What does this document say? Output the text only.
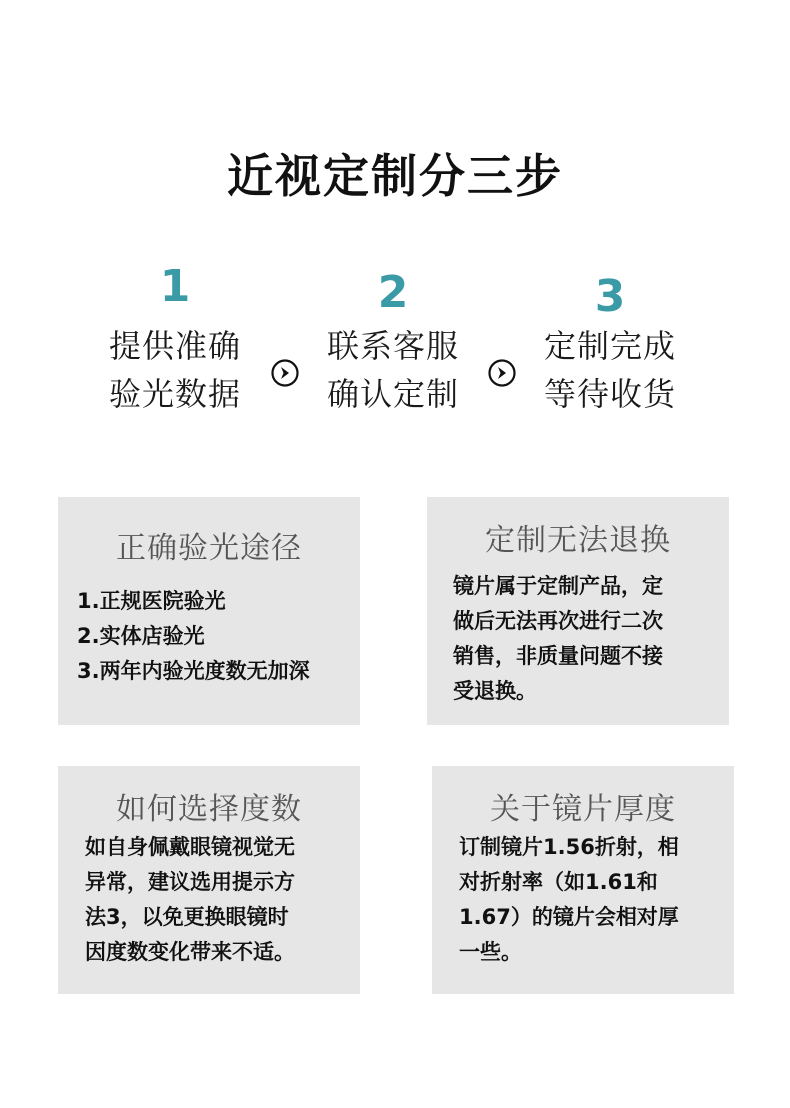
近视定制分三步
1
提供准确
验光数据
2
联系客服
确认定制
3
定制完成
等待收货
正确验光途径
1.正规医院验光
2.实体店验光
3.两年内验光度数无加深
定制无法退换
镜片属于定制产品，定
做后无法再次进行二次
销售，非质量问题不接
受退换。
如何选择度数
如自身佩戴眼镜视觉无
异常，建议选用提示方
法3，以免更换眼镜时
因度数变化带来不适。
关于镜片厚度
订制镜片1.56折射，相
对折射率（如1.61和
1.67）的镜片会相对厚
一些。
